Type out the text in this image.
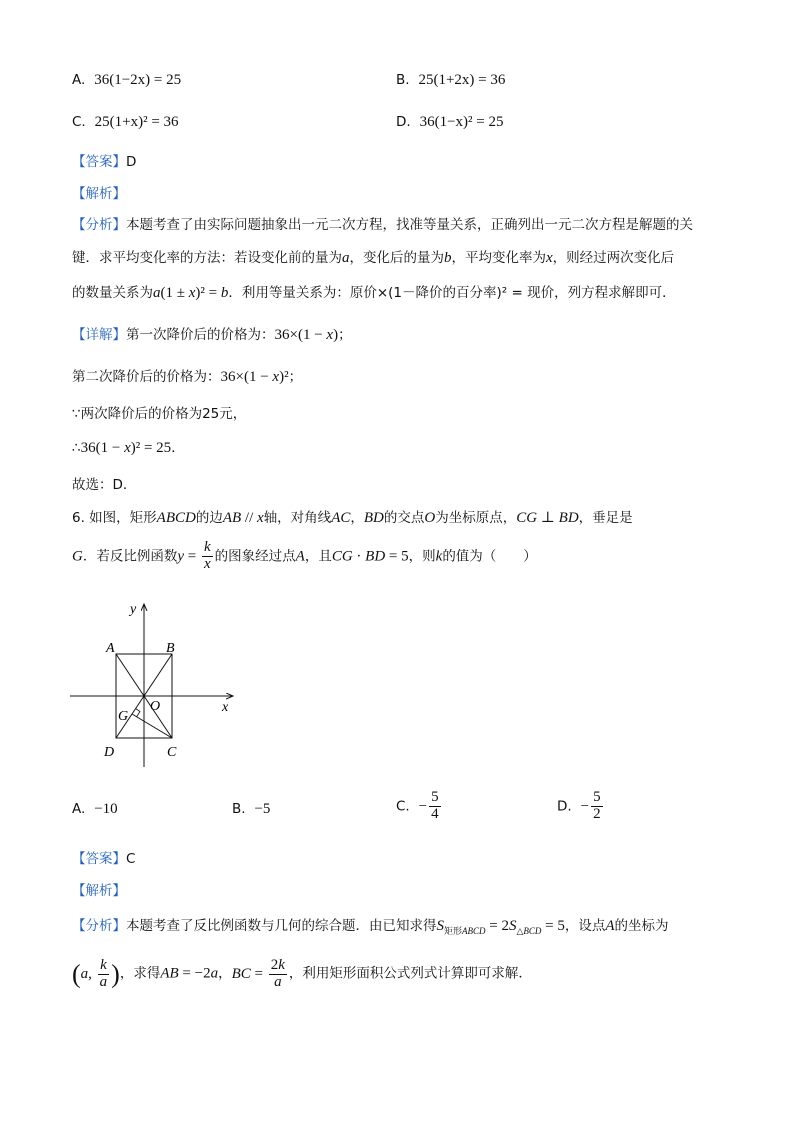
A. 36(1−2x) = 25	B. 25(1+2x) = 36
C. 25(1+x)² = 36	D. 36(1−x)² = 25
【答案】D
【解析】
【分析】本题考查了由实际问题抽象出一元二次方程，找准等量关系，正确列出一元二次方程是解题的关
键．求平均变化率的方法：若设变化前的量为a，变化后的量为b，平均变化率为x，则经过两次变化后
的数量关系为a(1 ± x)² = b．利用等量关系为：原价×(1－降价的百分率)² = 现价，列方程求解即可．
【详解】第一次降价后的价格为：36×(1 − x)；
第二次降价后的价格为：36×(1 − x)²；
∵两次降价后的价格为25元，
∴36(1 − x)² = 25．
故选：D．
6. 如图，矩形ABCD的边AB // x轴，对角线AC，BD的交点O为坐标原点，CG ⊥ BD，垂足是
G．若反比例函数$y = \frac{k}{x}$ 的图象经过点A，且CG · BD = 5，则k的值为（　　）
y
x
A	B
C
D
O
G
A. −10	B. −5	C. − $\frac{5}{4}$	D. − $\frac{5}{2}$
【答案】C
【解析】
【分析】本题考查了反比例函数与几何的综合题．由已知求得$S_{矩形ABCD} = 2S_{\triangle BCD} = 5$，设点A的坐标为
(a, $\frac{k}{a}$ )，求得AB = −2a，BC = $\frac{2k}{a}$ ，利用矩形面积公式列式计算即可求解．
